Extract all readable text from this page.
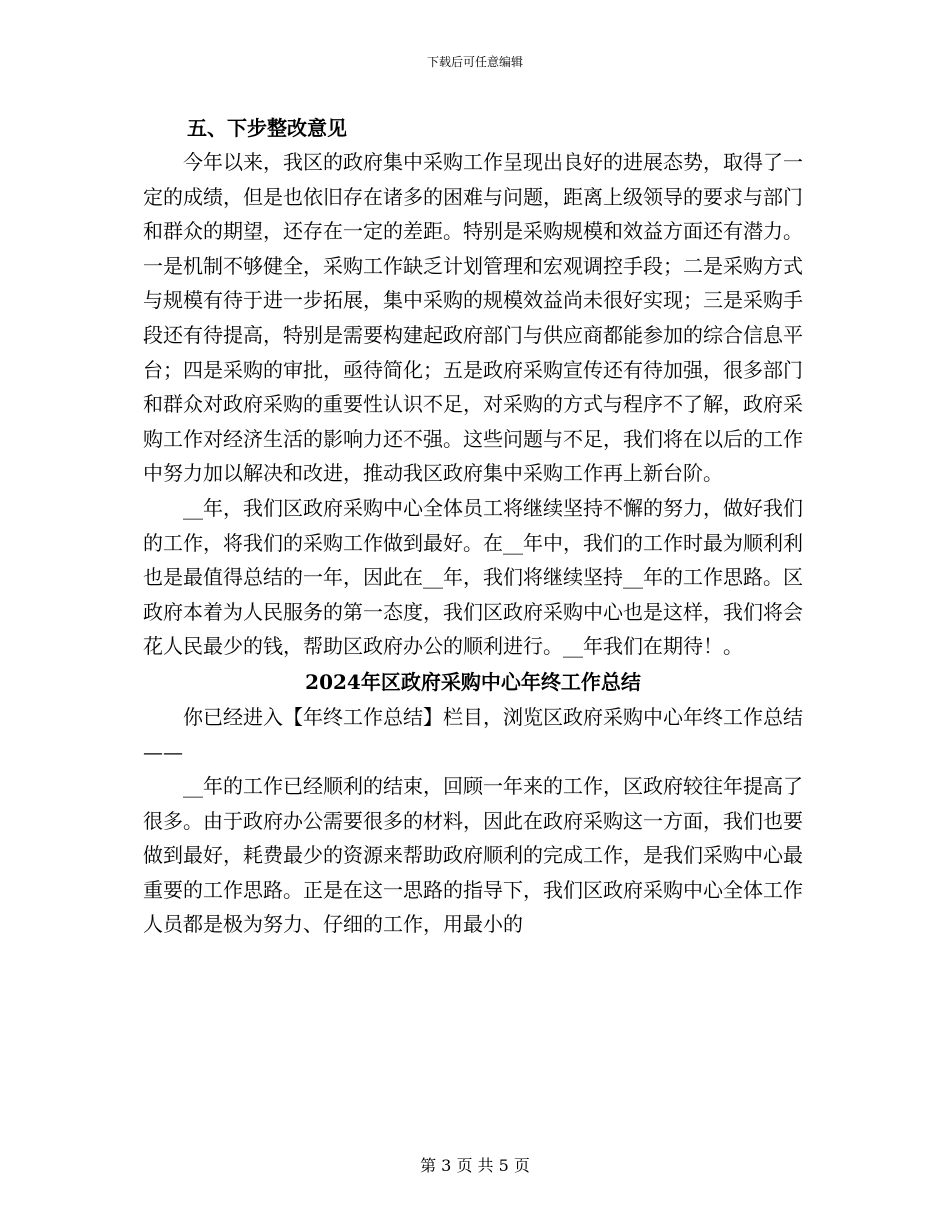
下载后可任意编辑
五、下步整改意见

今年以来，我区的政府集中采购工作呈现出良好的进展态势，取得了一定的成绩，但是也依旧存在诸多的困难与问题，距离上级领导的要求与部门和群众的期望，还存在一定的差距。特别是采购规模和效益方面还有潜力。一是机制不够健全，采购工作缺乏计划管理和宏观调控手段；二是采购方式与规模有待于进一步拓展，集中采购的规模效益尚未很好实现；三是采购手段还有待提高，特别是需要构建起政府部门与供应商都能参加的综合信息平台；四是采购的审批，亟待简化；五是政府采购宣传还有待加强，很多部门和群众对政府采购的重要性认识不足，对采购的方式与程序不了解，政府采购工作对经济生活的影响力还不强。这些问题与不足，我们将在以后的工作中努力加以解决和改进，推动我区政府集中采购工作再上新台阶。

__年，我们区政府采购中心全体员工将继续坚持不懈的努力，做好我们的工作，将我们的采购工作做到最好。在__年中，我们的工作时最为顺利利也是最值得总结的一年，因此在__年，我们将继续坚持__年的工作思路。区政府本着为人民服务的第一态度，我们区政府采购中心也是这样，我们将会花人民最少的钱，帮助区政府办公的顺利进行。__年我们在期待！。

2024年区政府采购中心年终工作总结

你已经进入【年终工作总结】栏目，浏览区政府采购中心年终工作总结——

__年的工作已经顺利的结束，回顾一年来的工作，区政府较往年提高了很多。由于政府办公需要很多的材料，因此在政府采购这一方面，我们也要做到最好，耗费最少的资源来帮助政府顺利的完成工作，是我们采购中心最重要的工作思路。正是在这一思路的指导下，我们区政府采购中心全体工作人员都是极为努力、仔细的工作，用最小的

第 3 页 共 5 页
